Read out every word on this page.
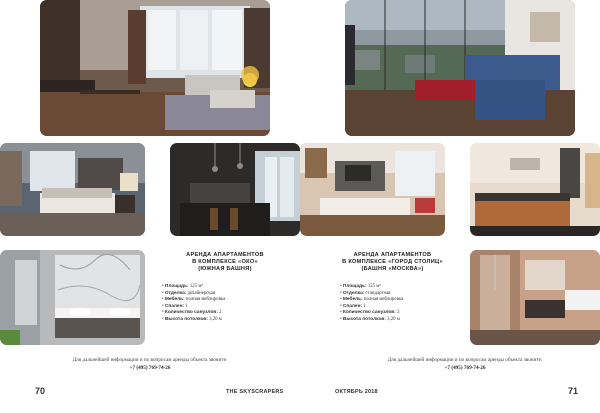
АРЕНДА АПАРТАМЕНТОВ
В КОМПЛЕКСЕ «ОКО»
(ЮЖНАЯ БАШНЯ)
• Площадь: 125 м²
• Отделка: дизайнерская
• Мебель: полная меблировка
• Спален: 1
• Количество санузлов: 2
• Высота потолков: 3,20 м
Для дальнейшей информации и по вопросам аренды объекта звоните:
+7 (495) 769-74-26
70	THE SKYSCRAPERS
АРЕНДА АПАРТАМЕНТОВ
В КОМПЛЕКСЕ «ГОРОД СТОЛИЦ»
(БАШНЯ «МОСКВА»)
• Площадь: 125 м²
• Отделка: стандартная
• Мебель: полная меблировка
• Спален: 1
• Количество санузлов: 2
• Высота потолков: 3,20 м
Для дальнейшей информации и по вопросам аренды объекта звоните:
+7 (495) 769-74-26
ОКТЯБРЬ 2018	71
